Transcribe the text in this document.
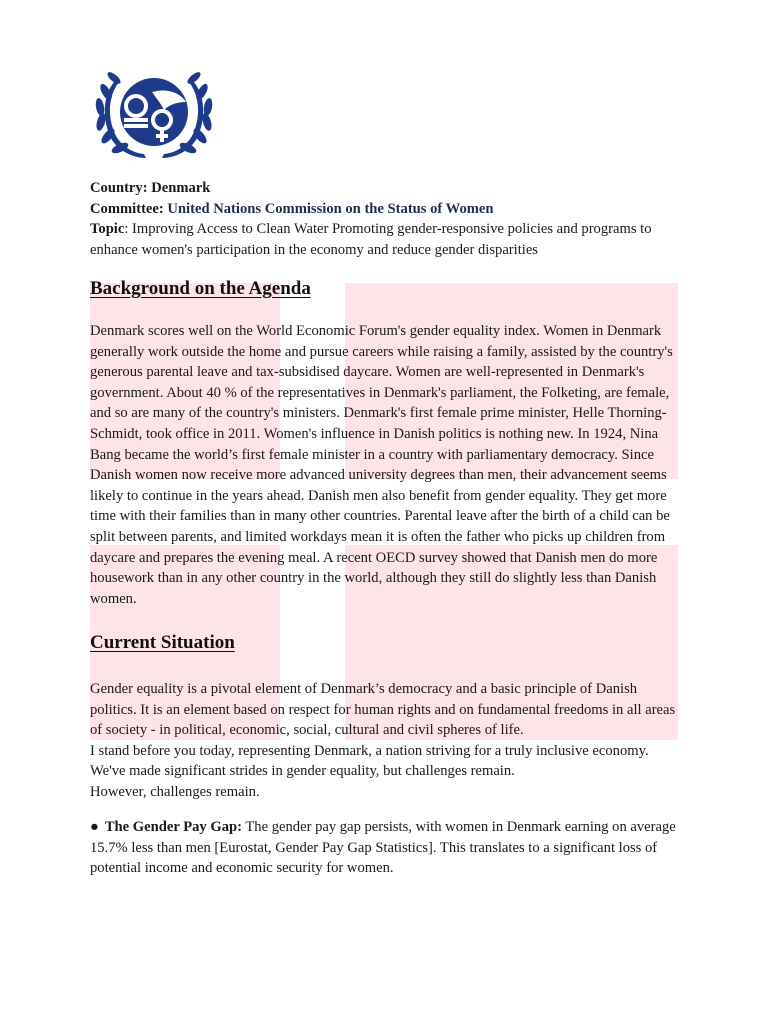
Country: Denmark
Committee: United Nations Commission on the Status of Women
Topic: Improving Access to Clean Water Promoting gender-responsive policies and programs to enhance women's participation in the economy and reduce gender disparities
Background on the Agenda

Denmark scores well on the World Economic Forum's gender equality index. Women in Denmark generally work outside the home and pursue careers while raising a family, assisted by the country's generous parental leave and tax-subsidised daycare. Women are well-represented in Denmark's government. About 40 % of the representatives in Denmark's parliament, the Folketing, are female, and so are many of the country's ministers. Denmark's first female prime minister, Helle Thorning-Schmidt, took office in 2011. Women's influence in Danish politics is nothing new. In 1924, Nina Bang became the world’s first female minister in a country with parliamentary democracy. Since Danish women now receive more advanced university degrees than men, their advancement seems likely to continue in the years ahead. Danish men also benefit from gender equality. They get more time with their families than in many other countries. Parental leave after the birth of a child can be split between parents, and limited workdays mean it is often the father who picks up children from daycare and prepares the evening meal. A recent OECD survey showed that Danish men do more housework than in any other country in the world, although they still do slightly less than Danish women.

Current Situation
Gender equality is a pivotal element of Denmark’s democracy and a basic principle of Danish politics. It is an element based on respect for human rights and on fundamental freedoms in all areas of society - in political, economic, social, cultural and civil spheres of life.
I stand before you today, representing Denmark, a nation striving for a truly inclusive economy. We've made significant strides in gender equality, but challenges remain.
However, challenges remain.

● The Gender Pay Gap: The gender pay gap persists, with women in Denmark earning on average 15.7% less than men [Eurostat, Gender Pay Gap Statistics]. This translates to a significant loss of potential income and economic security for women.
